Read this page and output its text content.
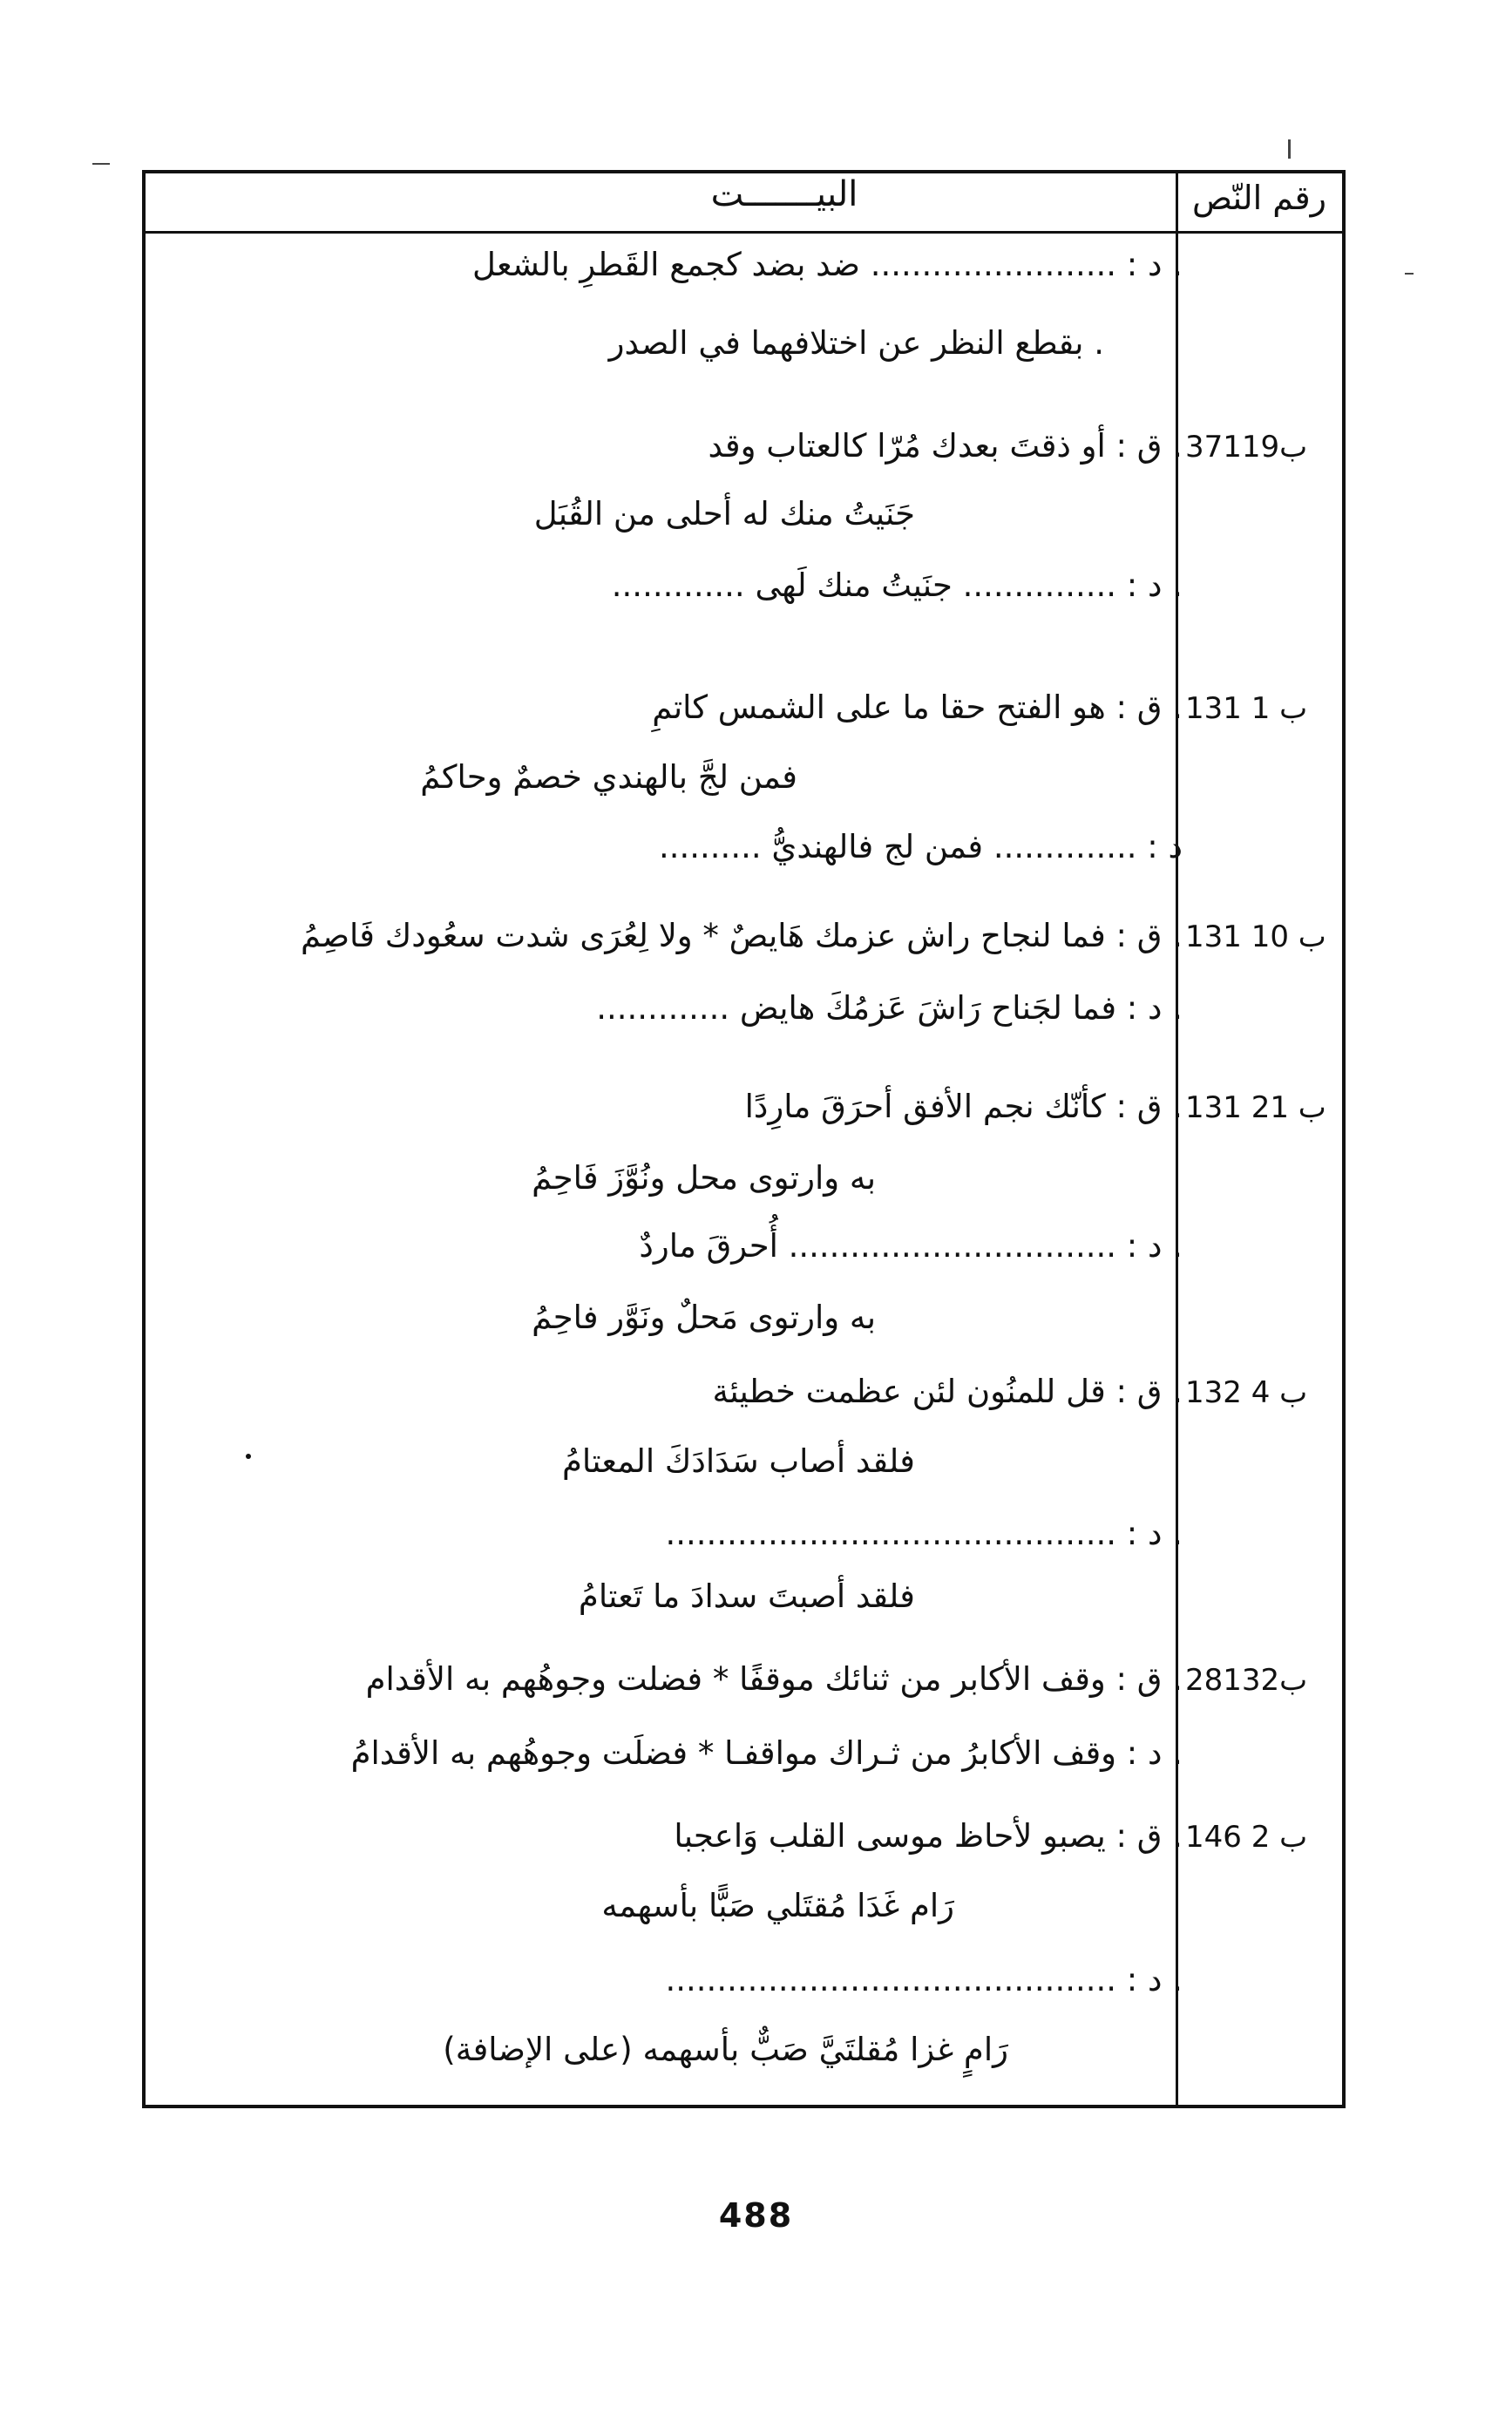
رقم النّص
البيـــــــت
. د : ........................ ضد بضد كجمع القَطرِ بالشعل
. بقطع النظر عن اختلافهما في الصدر
. ق : أو ذقتَ بعدك مُرّا كالعتاب وقد 37ب119
جَنَيتُ منك له أحلى من القُبَل
. د : ............... جنَيتُ منك لَهى .............
. ق : هو الفتح حقا ما على الشمس كاتمِ 131 ب 1
فمن لجَّ بالهندي خصمٌ وحاكمُ
د : .............. فمن لج فالهنديُّ ..........
. ق : فما لنجاح راش عزمك هَايصٌ * ولا لِعُرَى شدت سعُودك فَاصِمُ 131 ب 10
. د : فما لجَناح رَاشَ عَزمُكَ هايض .............
. ق : كأنّك نجم الأفق أحرَقَ مارِدًا 131 ب 21
به وارتوى محل ونُوَّزَ فَاحِمُ
. د : ................................ أُحرقَ ماردٌ
به وارتوى مَحلٌ ونَوَّر فاحِمُ
. ق : قل للمنُون لئن عظمت خطيئة 132 ب 4
فلقد أصاب سَدَادَكَ المعتامُ
. د : ............................................
فلقد أصبتَ سدادَ ما تَعتامُ
. ق : وقف الأكابر من ثنائك موقفًا * فضلت وجوهُهم به الأقدام 28ب132
. د : وقف الأكابرُ من ثـراك مواقفـا * فضلَت وجوهُهم به الأقدامُ
. ق : يصبو لأحاظ موسى القلب وَاعجبا 146 ب 2
رَام غَدَا مُقتَلي صَبًّا بأسهمه
. د : ............................................
رَامٍ غزا مُقلتَيَّ صَبٌّ بأسهمه (على الإضافة)
488
